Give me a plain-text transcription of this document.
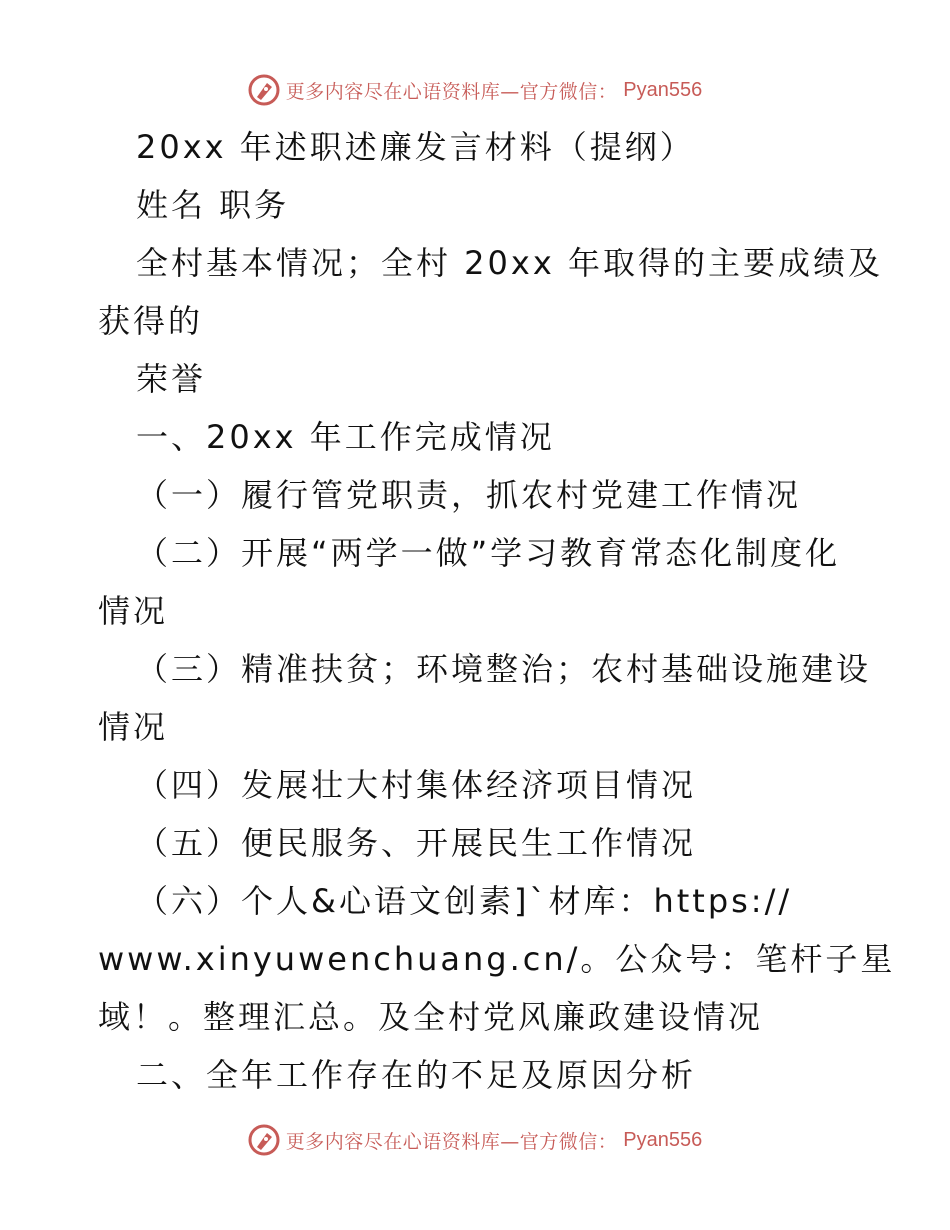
更多内容尽在心语资料库—官方微信： Pyan556

20xx 年述职述廉发言材料（提纲）

姓名 职务

全村基本情况；全村 20xx 年取得的主要成绩及

获得的

荣誉

一、20xx 年工作完成情况

（一）履行管党职责，抓农村党建工作情况

（二）开展“两学一做”学习教育常态化制度化

情况

（三）精准扶贫；环境整治；农村基础设施建设

情况

（四）发展壮大村集体经济项目情况

（五）便民服务、开展民生工作情况

（六）个人&心语文创素]`材库：https://

www.xinyuwenchuang.cn/。公众号：笔杆子星

域！。整理汇总。及全村党风廉政建设情况

二、全年工作存在的不足及原因分析

更多内容尽在心语资料库—官方微信： Pyan556
